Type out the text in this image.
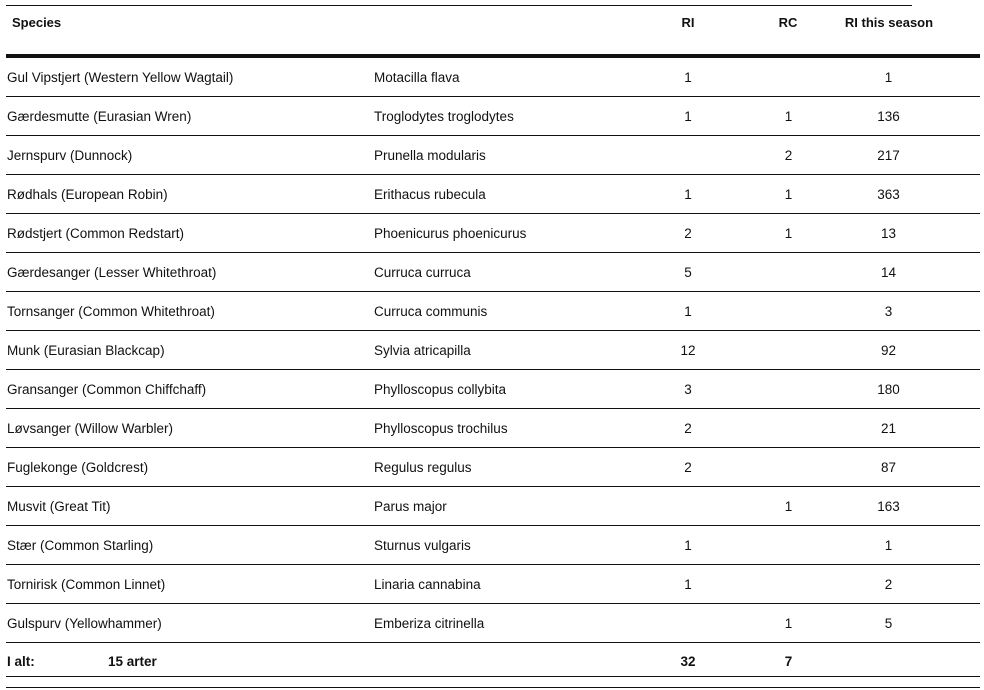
Species		RI	RC	RI this season
Gul Vipstjert (Western Yellow Wagtail)	Motacilla flava	1		1
Gærdesmutte (Eurasian Wren)	Troglodytes troglodytes	1	1	136
Jernspurv (Dunnock)	Prunella modularis		2	217
Rødhals (European Robin)	Erithacus rubecula	1	1	363
Rødstjert (Common Redstart)	Phoenicurus phoenicurus	2	1	13
Gærdesanger (Lesser Whitethroat)	Curruca curruca	5		14
Tornsanger (Common Whitethroat)	Curruca communis	1		3
Munk (Eurasian Blackcap)	Sylvia atricapilla	12		92
Gransanger (Common Chiffchaff)	Phylloscopus collybita	3		180
Løvsanger (Willow Warbler)	Phylloscopus trochilus	2		21
Fuglekonge (Goldcrest)	Regulus regulus	2		87
Musvit (Great Tit)	Parus major		1	163
Stær (Common Starling)	Sturnus vulgaris	1		1
Tornirisk (Common Linnet)	Linaria cannabina	1		2
Gulspurv (Yellowhammer)	Emberiza citrinella		1	5
I alt: 15 arter		32	7	
